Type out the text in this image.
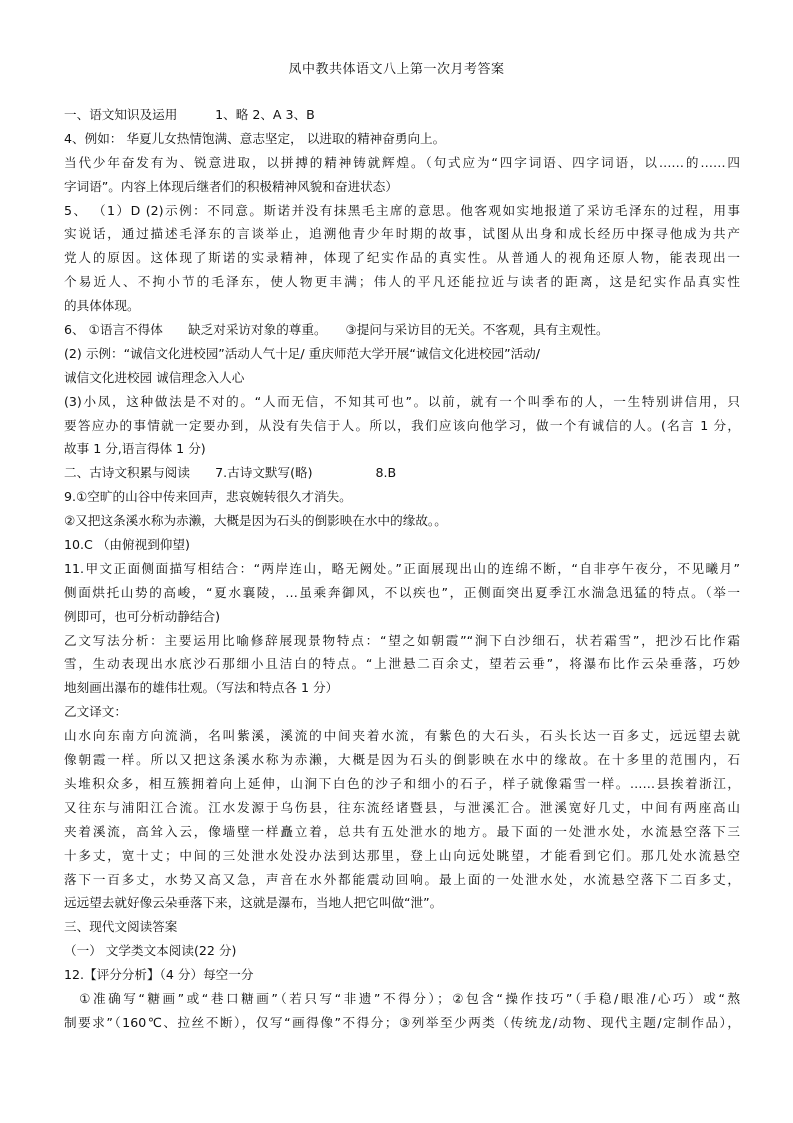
凤中教共体语文八上第一次月考答案
一、语文知识及运用　　　1、略 2、A 3、B
4、例如： 华夏儿女热情饱满、意志坚定， 以进取的精神奋勇向上。
当代少年奋发有为、锐意进取，以拼搏的精神铸就辉煌。（句式应为“四字词语、四字词语，以……的……四
字词语”。内容上体现后继者们的积极精神风貌和奋进状态）
5、 （1）D (2)示例：不同意。斯诺并没有抹黑毛主席的意思。他客观如实地报道了采访毛泽东的过程，用事
实说话，通过描述毛泽东的言谈举止，追溯他青少年时期的故事，试图从出身和成长经历中探寻他成为共产
党人的原因。这体现了斯诺的实录精神，体现了纪实作品的真实性。从普通人的视角还原人物，能表现出一
个易近人、不拘小节的毛泽东，使人物更丰满；伟人的平凡还能拉近与读者的距离，这是纪实作品真实性
的具体体现。
6、 ①语言不得体　　缺乏对采访对象的尊重。　　③提问与采访目的无关。不客观，具有主观性。
(2) 示例：“诚信文化进校园”活动人气十足/ 重庆师范大学开展“诚信文化进校园”活动/
诚信文化进校园 诚信理念入人心
(3)小凤，这种做法是不对的。“人而无信，不知其可也”。以前，就有一个叫季布的人，一生特别讲信用，只
要答应办的事情就一定要办到，从没有失信于人。所以，我们应该向他学习，做一个有诚信的人。(名言 1 分，
故事 1 分,语言得体 1 分)
二、古诗文积累与阅读　　7.古诗文默写(略)　　　　　8.B
9.①空旷的山谷中传来回声，悲哀婉转很久才消失。
②又把这条溪水称为赤濑，大概是因为石头的倒影映在水中的缘故。。
10.C （由俯视到仰望)
11.甲文正面侧面描写相结合：“两岸连山，略无阙处。”正面展现出山的连绵不断，“自非亭午夜分，不见曦月”
侧面烘托山势的高峻，“夏水襄陵，…虽乘奔御风，不以疾也”，正侧面突出夏季江水湍急迅猛的特点。（举一
例即可，也可分析动静结合)
乙文写法分析：主要运用比喻修辞展现景物特点：“望之如朝霞”“涧下白沙细石，状若霜雪”，把沙石比作霜
雪，生动表现出水底沙石那细小且洁白的特点。“上泄悬二百余丈，望若云垂”，将瀑布比作云朵垂落，巧妙
地刻画出瀑布的雄伟壮观。（写法和特点各 1 分）
乙文译文：
山水向东南方向流淌，名叫紫溪，溪流的中间夹着水流，有紫色的大石头，石头长达一百多丈，远远望去就
像朝霞一样。所以又把这条溪水称为赤濑，大概是因为石头的倒影映在水中的缘故。在十多里的范围内，石
头堆积众多，相互簇拥着向上延伸，山涧下白色的沙子和细小的石子，样子就像霜雪一样。……县挨着浙江，
又往东与浦阳江合流。江水发源于乌伤县，往东流经诸暨县，与泄溪汇合。泄溪宽好几丈，中间有两座高山
夹着溪流，高耸入云，像墙壁一样矗立着，总共有五处泄水的地方。最下面的一处泄水处，水流悬空落下三
十多丈，宽十丈；中间的三处泄水处没办法到达那里，登上山向远处眺望，才能看到它们。那几处水流悬空
落下一百多丈，水势又高又急，声音在水外都能震动回响。最上面的一处泄水处，水流悬空落下二百多丈，
远远望去就好像云朵垂落下来，这就是瀑布，当地人把它叫做“泄”。
三、现代文阅读答案
（一） 文学类文本阅读(22 分)
12.【评分分析】（4 分）每空一分
　①准确写“糖画”或“巷口糖画”（若只写“非遗”不得分）；②包含“操作技巧”（手稳/眼准/心巧）或“熬
制要求”（160℃、拉丝不断），仅写“画得像”不得分；③列举至少两类（传统龙/动物、现代主题/定制作品），
